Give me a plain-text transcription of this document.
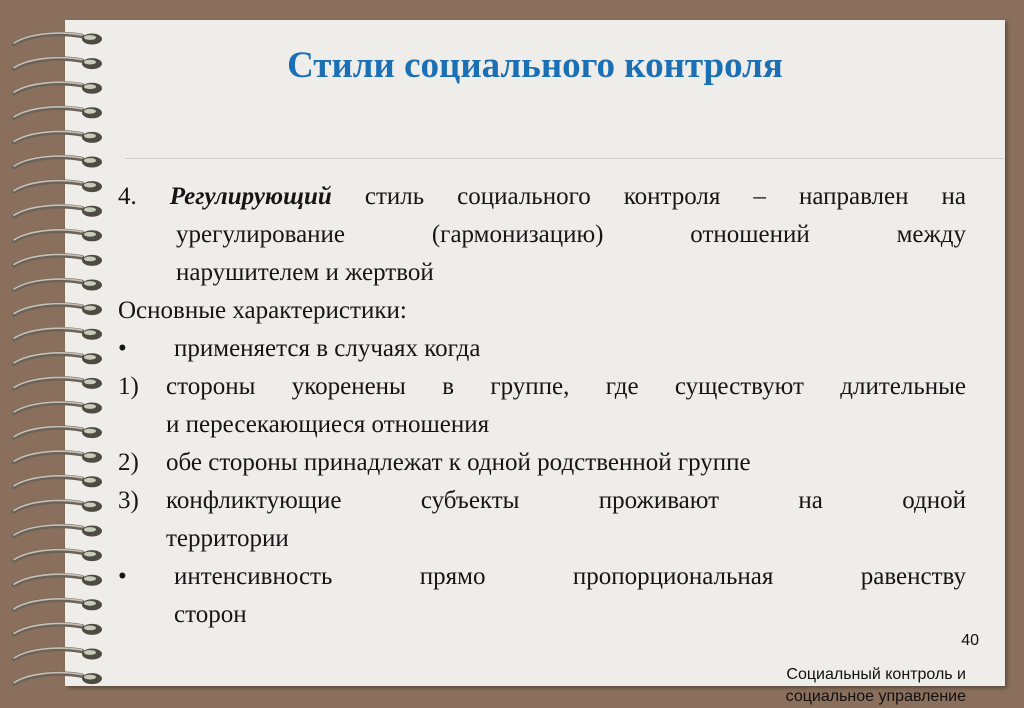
Стили социального контроля
4. Регулирующий стиль социального контроля – направлен на
урегулирование (гармонизацию) отношений между
нарушителем и жертвой
Основные характеристики:
•	применяется в случаях когда
1)	стороны укоренены в группе, где существуют длительные
и пересекающиеся отношения
2)	обе стороны принадлежат к одной родственной группе
3)	конфликтующие субъекты проживают на одной
территории
•	интенсивность прямо пропорциональная равенству
сторон
40
Социальный контроль и
социальное управление
